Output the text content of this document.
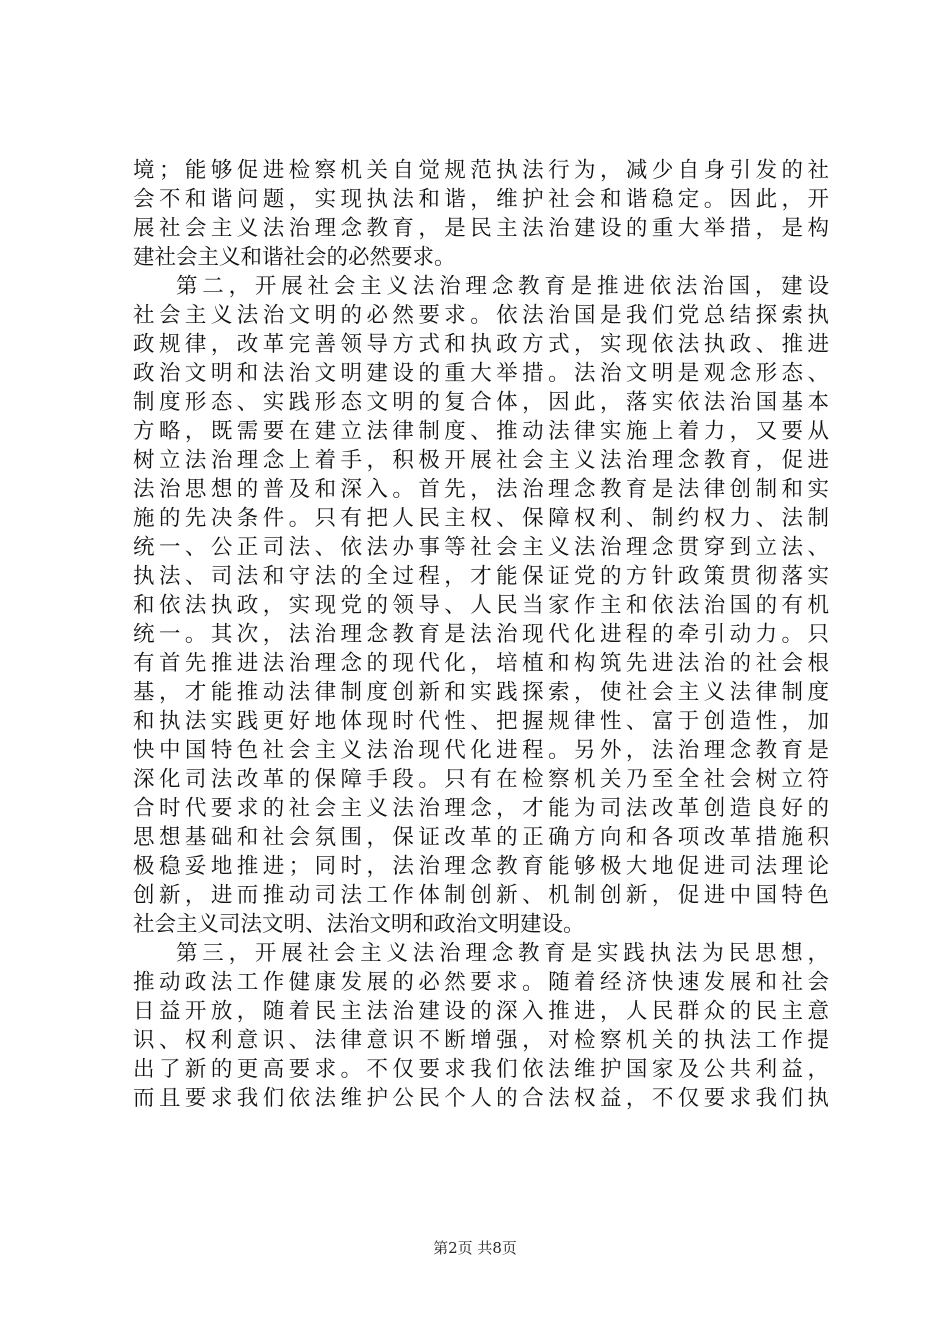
境；能够促进检察机关自觉规范执法行为，减少自身引发的社
会不和谐问题，实现执法和谐，维护社会和谐稳定。因此，开
展社会主义法治理念教育，是民主法治建设的重大举措，是构
建社会主义和谐社会的必然要求。
第二，开展社会主义法治理念教育是推进依法治国，建设
社会主义法治文明的必然要求。依法治国是我们党总结探索执
政规律，改革完善领导方式和执政方式，实现依法执政、推进
政治文明和法治文明建设的重大举措。法治文明是观念形态、
制度形态、实践形态文明的复合体，因此，落实依法治国基本
方略，既需要在建立法律制度、推动法律实施上着力，又要从
树立法治理念上着手，积极开展社会主义法治理念教育，促进
法治思想的普及和深入。首先，法治理念教育是法律创制和实
施的先决条件。只有把人民主权、保障权利、制约权力、法制
统一、公正司法、依法办事等社会主义法治理念贯穿到立法、
执法、司法和守法的全过程，才能保证党的方针政策贯彻落实
和依法执政，实现党的领导、人民当家作主和依法治国的有机
统一。其次，法治理念教育是法治现代化进程的牵引动力。只
有首先推进法治理念的现代化，培植和构筑先进法治的社会根
基，才能推动法律制度创新和实践探索，使社会主义法律制度
和执法实践更好地体现时代性、把握规律性、富于创造性，加
快中国特色社会主义法治现代化进程。另外，法治理念教育是
深化司法改革的保障手段。只有在检察机关乃至全社会树立符
合时代要求的社会主义法治理念，才能为司法改革创造良好的
思想基础和社会氛围，保证改革的正确方向和各项改革措施积
极稳妥地推进；同时，法治理念教育能够极大地促进司法理论
创新，进而推动司法工作体制创新、机制创新，促进中国特色
社会主义司法文明、法治文明和政治文明建设。
第三，开展社会主义法治理念教育是实践执法为民思想，
推动政法工作健康发展的必然要求。随着经济快速发展和社会
日益开放，随着民主法治建设的深入推进，人民群众的民主意
识、权利意识、法律意识不断增强，对检察机关的执法工作提
出了新的更高要求。不仅要求我们依法维护国家及公共利益，
而且要求我们依法维护公民个人的合法权益，不仅要求我们执
第2页 共8页
